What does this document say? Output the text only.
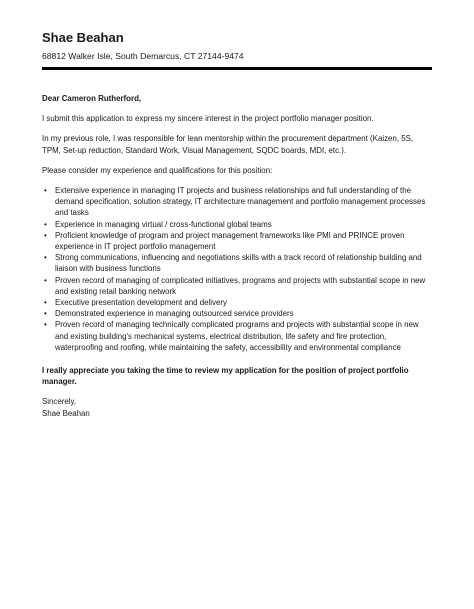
Shae Beahan
68812 Walker Isle, South Demarcus, CT 27144-9474
Dear Cameron Rutherford,

I submit this application to express my sincere interest in the project portfolio manager position.

In my previous role, I was responsible for lean mentorship within the procurement department (Kaizen, 5S, TPM, Set-up reduction, Standard Work, Visual Management, SQDC boards, MDI, etc.).

Please consider my experience and qualifications for this position:

• Extensive experience in managing IT projects and business relationships and full understanding of the demand specification, solution strategy, IT architecture management and portfolio management processes and tasks
• Experience in managing virtual / cross-functional global teams
• Proficient knowledge of program and project management frameworks like PMI and PRINCE proven experience in IT project portfolio management
• Strong communications, influencing and negotiations skills with a track record of relationship building and liaison with business functions
• Proven record of managing of complicated initiatives, programs and projects with substantial scope in new and existing retail banking network
• Executive presentation development and delivery
• Demonstrated experience in managing outsourced service providers
• Proven record of managing technically complicated programs and projects with substantial scope in new and existing building's mechanical systems, electrical distribution, life safety and fire protection, waterproofing and roofing, while maintaining the safety, accessibility and environmental compliance

I really appreciate you taking the time to review my application for the position of project portfolio manager.

Sincerely,
Shae Beahan
